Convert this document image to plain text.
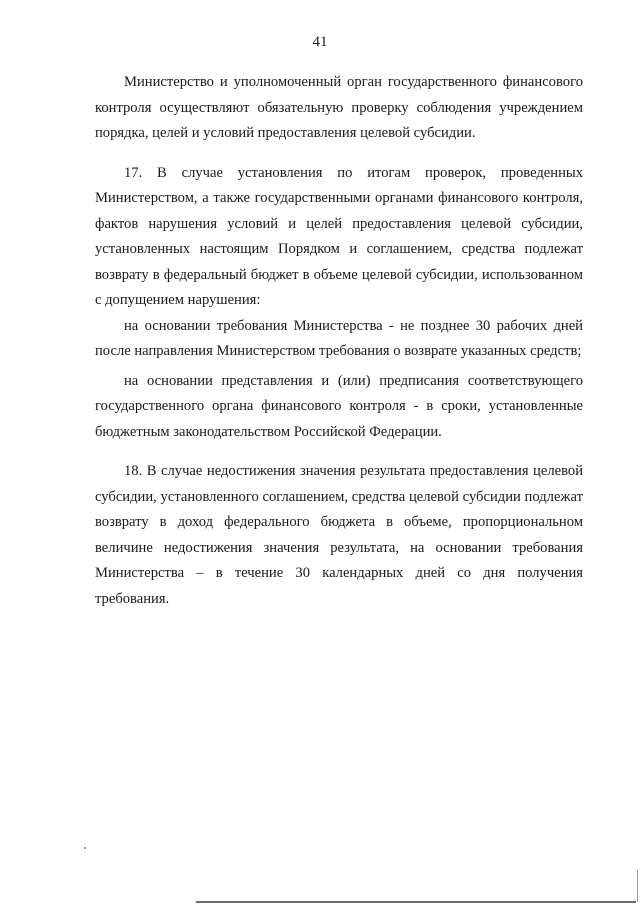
41

Министерство и уполномоченный орган государственного финансового контроля осуществляют обязательную проверку соблюдения учреждением порядка, целей и условий предоставления целевой субсидии.

17. В случае установления по итогам проверок, проведенных Министерством, а также государственными органами финансового контроля, фактов нарушения условий и целей предоставления целевой субсидии, установленных настоящим Порядком и соглашением, средства подлежат возврату в федеральный бюджет в объеме целевой субсидии, использованном с допущением нарушения:

на основании требования Министерства - не позднее 30 рабочих дней после направления Министерством требования о возврате указанных средств;

на основании представления и (или) предписания соответствующего государственного органа финансового контроля - в сроки, установленные бюджетным законодательством Российской Федерации.

18. В случае недостижения значения результата предоставления целевой субсидии, установленного соглашением, средства целевой субсидии подлежат возврату в доход федерального бюджета в объеме, пропорциональном величине недостижения значения результата, на основании требования Министерства – в течение 30 календарных дней со дня получения требования.
